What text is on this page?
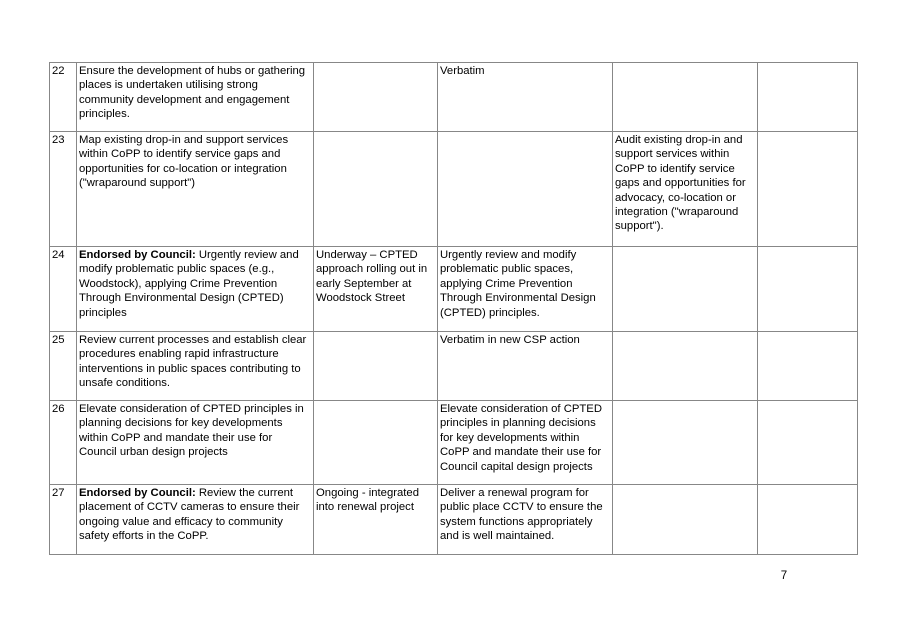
22	Ensure the development of hubs or gathering places is undertaken utilising strong community development and engagement principles.		Verbatim		
23	Map existing drop-in and support services within CoPP to identify service gaps and opportunities for co-location or integration ("wraparound support")			Audit existing drop-in and support services within CoPP to identify service gaps and opportunities for advocacy, co-location or integration ("wraparound support").	
24	Endorsed by Council: Urgently review and modify problematic public spaces (e.g., Woodstock), applying Crime Prevention Through Environmental Design (CPTED) principles	Underway – CPTED approach rolling out in early September at Woodstock Street	Urgently review and modify problematic public spaces, applying Crime Prevention Through Environmental Design (CPTED) principles.		
25	Review current processes and establish clear procedures enabling rapid infrastructure interventions in public spaces contributing to unsafe conditions.		Verbatim in new CSP action		
26	Elevate consideration of CPTED principles in planning decisions for key developments within CoPP and mandate their use for Council urban design projects		Elevate consideration of CPTED principles in planning decisions for key developments within CoPP and mandate their use for Council capital design projects		
27	Endorsed by Council: Review the current placement of CCTV cameras to ensure their ongoing value and efficacy to community safety efforts in the CoPP.	Ongoing - integrated into renewal project	Deliver a renewal program for public place CCTV to ensure the system functions appropriately and is well maintained.		
7
